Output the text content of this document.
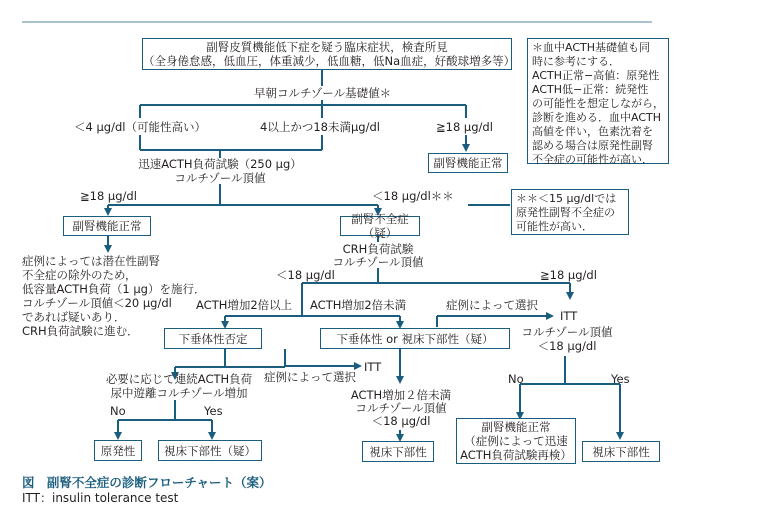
副腎皮質機能低下症を疑う臨床症状，検査所見
（全身倦怠感，低血圧，体重減少，低血糖，低Na血症，好酸球増多等）
＊血中ACTH基礎値も同
時に参考にする．
ACTH正常−高値：原発性
ACTH低−正常：続発性
の可能性を想定しながら，
診断を進める．血中ACTH
高値を伴い，色素沈着を
認める場合は原発性副腎
不全症の可能性が高い．
早朝コルチゾール基礎値＊
＜4 μg/dl（可能性高い）	4以上かつ18未満μg/dl	≧18 μg/dl
副腎機能正常
迅速ACTH負荷試験（250 μg）
コルチゾール頂値
≧18 μg/dl	＜18 μg/dl＊＊	＊＊＜15 μg/dlでは
原発性副腎不全症の
可能性が高い．
副腎機能正常	副腎不全症（疑）
症例によっては潜在性副腎
不全症の除外のため，
低容量ACTH負荷（1 μg）を施行．
コルチゾール頂値＜20 μg/dl
であれば疑いあり．
CRH負荷試験に進む．
CRH負荷試験
コルチゾール頂値
＜18 μg/dl	≧18 μg/dl
ACTH増加2倍以上 ACTH増加2倍未満	症例によって選択
ITT
下垂体性否定	下垂体性 or 視床下部性（疑）	コルチゾール頂値
＜18 μg/dl
症例によって選択
ITT
必要に応じて連続ACTH負荷
尿中遊離コルチゾール増加
No	Yes
ACTH増加２倍未満
コルチゾール頂値
＜18 μg/dl
No	Yes
副腎機能正常
（症例によって迅速
ACTH負荷試験再検）
原発性	視床下部性（疑）	視床下部性	視床下部性
図 副腎不全症の診断フローチャート（案）
ITT：insulin tolerance test
